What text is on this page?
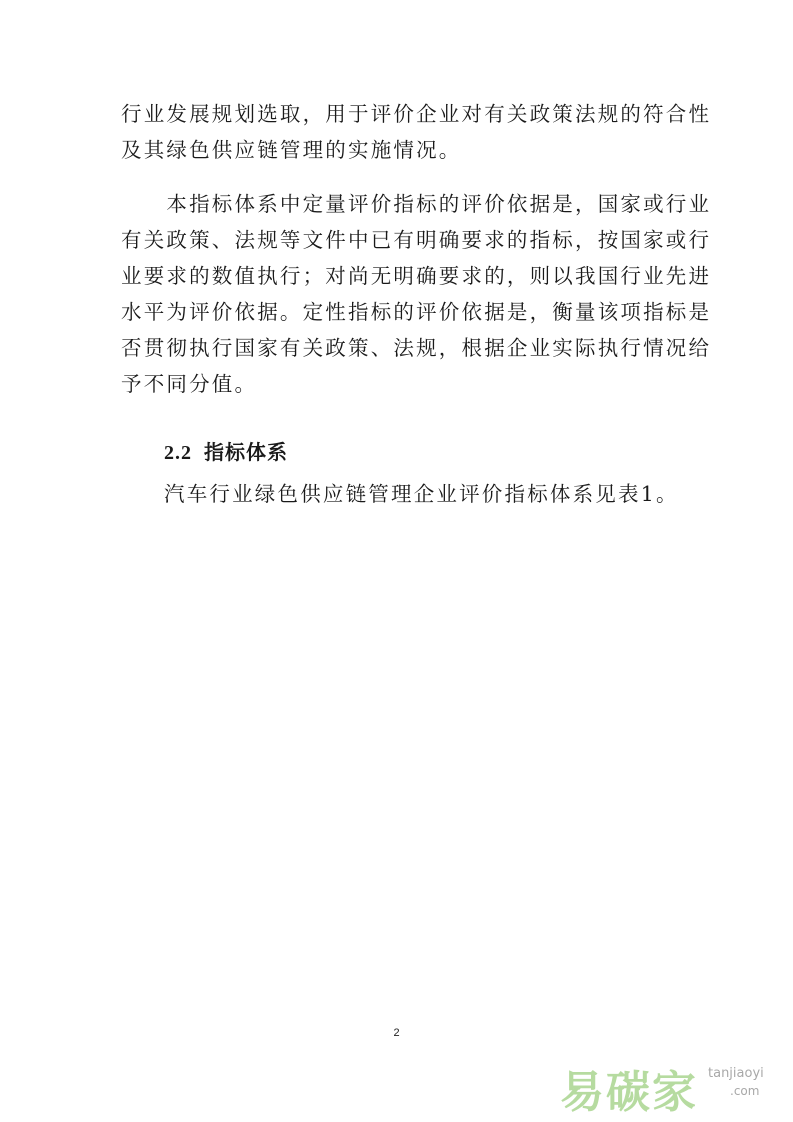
行业发展规划选取，用于评价企业对有关政策法规的符合性
及其绿色供应链管理的实施情况。

　　本指标体系中定量评价指标的评价依据是，国家或行业
有关政策、法规等文件中已有明确要求的指标，按国家或行
业要求的数值执行；对尚无明确要求的，则以我国行业先进
水平为评价依据。定性指标的评价依据是，衡量该项指标是
否贯彻执行国家有关政策、法规，根据企业实际执行情况给
予不同分值。

2.2 指标体系

汽车行业绿色供应链管理企业评价指标体系见表1。

2
易碳家 tanjiaoyi
.com
